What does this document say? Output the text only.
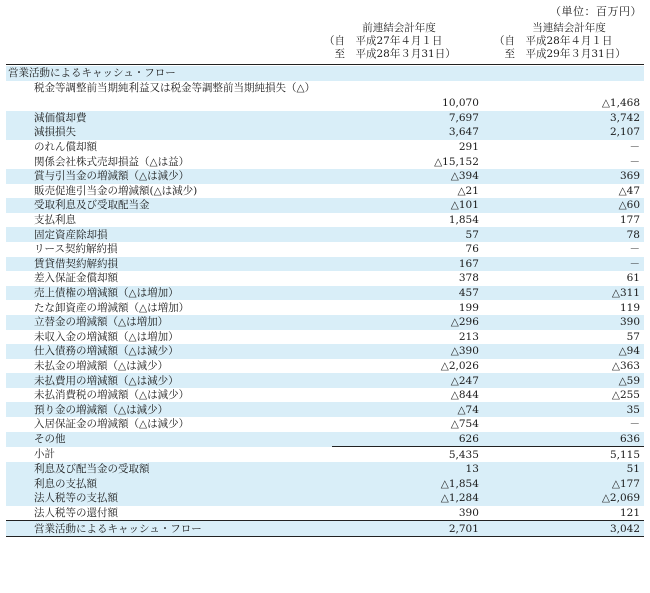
（単位：百万円）
前連結会計年度
（自　平成27年４月１日
　至　平成28年３月31日）
当連結会計年度
（自　平成28年４月１日
　至　平成29年３月31日）
営業活動によるキャッシュ・フロー		
税金等調整前当期純利益又は税金等調整前当期純損失（△）	10,070	△1,468
減価償却費	7,697	3,742
減損損失	3,647	2,107
のれん償却額	291	－
関係会社株式売却損益（△は益）	△15,152	－
賞与引当金の増減額（△は減少）	△394	369
販売促進引当金の増減額(△は減少)	△21	△47
受取利息及び受取配当金	△101	△60
支払利息	1,854	177
固定資産除却損	57	78
リース契約解約損	76	－
賃貸借契約解約損	167	－
差入保証金償却額	378	61
売上債権の増減額（△は増加）	457	△311
たな卸資産の増減額（△は増加）	199	119
立替金の増減額（△は増加）	△296	390
未収入金の増減額（△は増加）	213	57
仕入債務の増減額（△は減少）	△390	△94
未払金の増減額（△は減少）	△2,026	△363
未払費用の増減額（△は減少）	△247	△59
未払消費税の増減額（△は減少）	△844	△255
預り金の増減額（△は減少）	△74	35
入居保証金の増減額（△は減少）	△754	－
その他	626	636
小計	5,435	5,115
利息及び配当金の受取額	13	51
利息の支払額	△1,854	△177
法人税等の支払額	△1,284	△2,069
法人税等の還付額	390	121
営業活動によるキャッシュ・フロー	2,701	3,042
